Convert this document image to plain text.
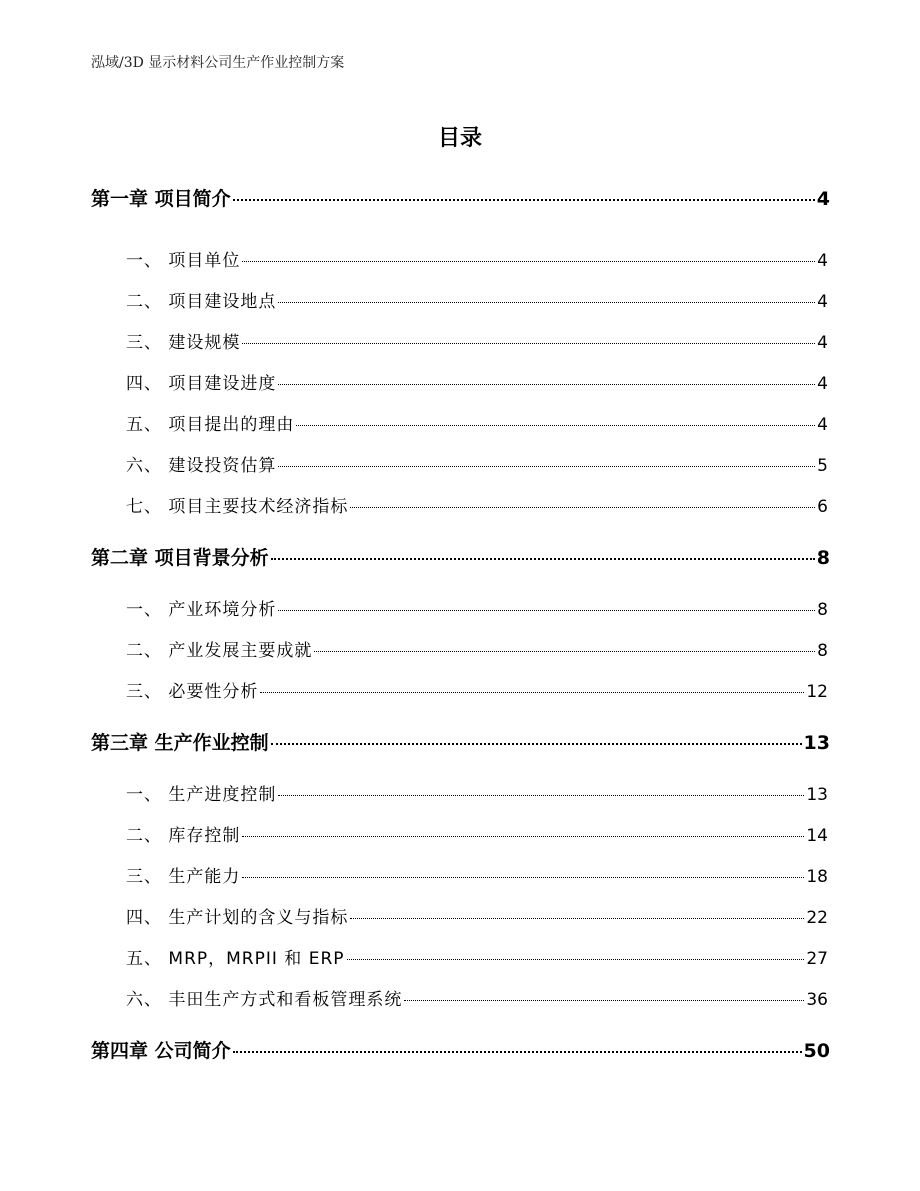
泓域/3D 显示材料公司生产作业控制方案
目录
第一章 项目简介	4
一、 项目单位	4
二、 项目建设地点	4
三、 建设规模	4
四、 项目建设进度	4
五、 项目提出的理由	4
六、 建设投资估算	5
七、 项目主要技术经济指标	6
第二章 项目背景分析	8
一、 产业环境分析	8
二、 产业发展主要成就	8
三、 必要性分析	12
第三章 生产作业控制	13
一、 生产进度控制	13
二、 库存控制	14
三、 生产能力	18
四、 生产计划的含义与指标	22
五、 MRP，MRPII 和 ERP	27
六、 丰田生产方式和看板管理系统	36
第四章 公司简介	50
